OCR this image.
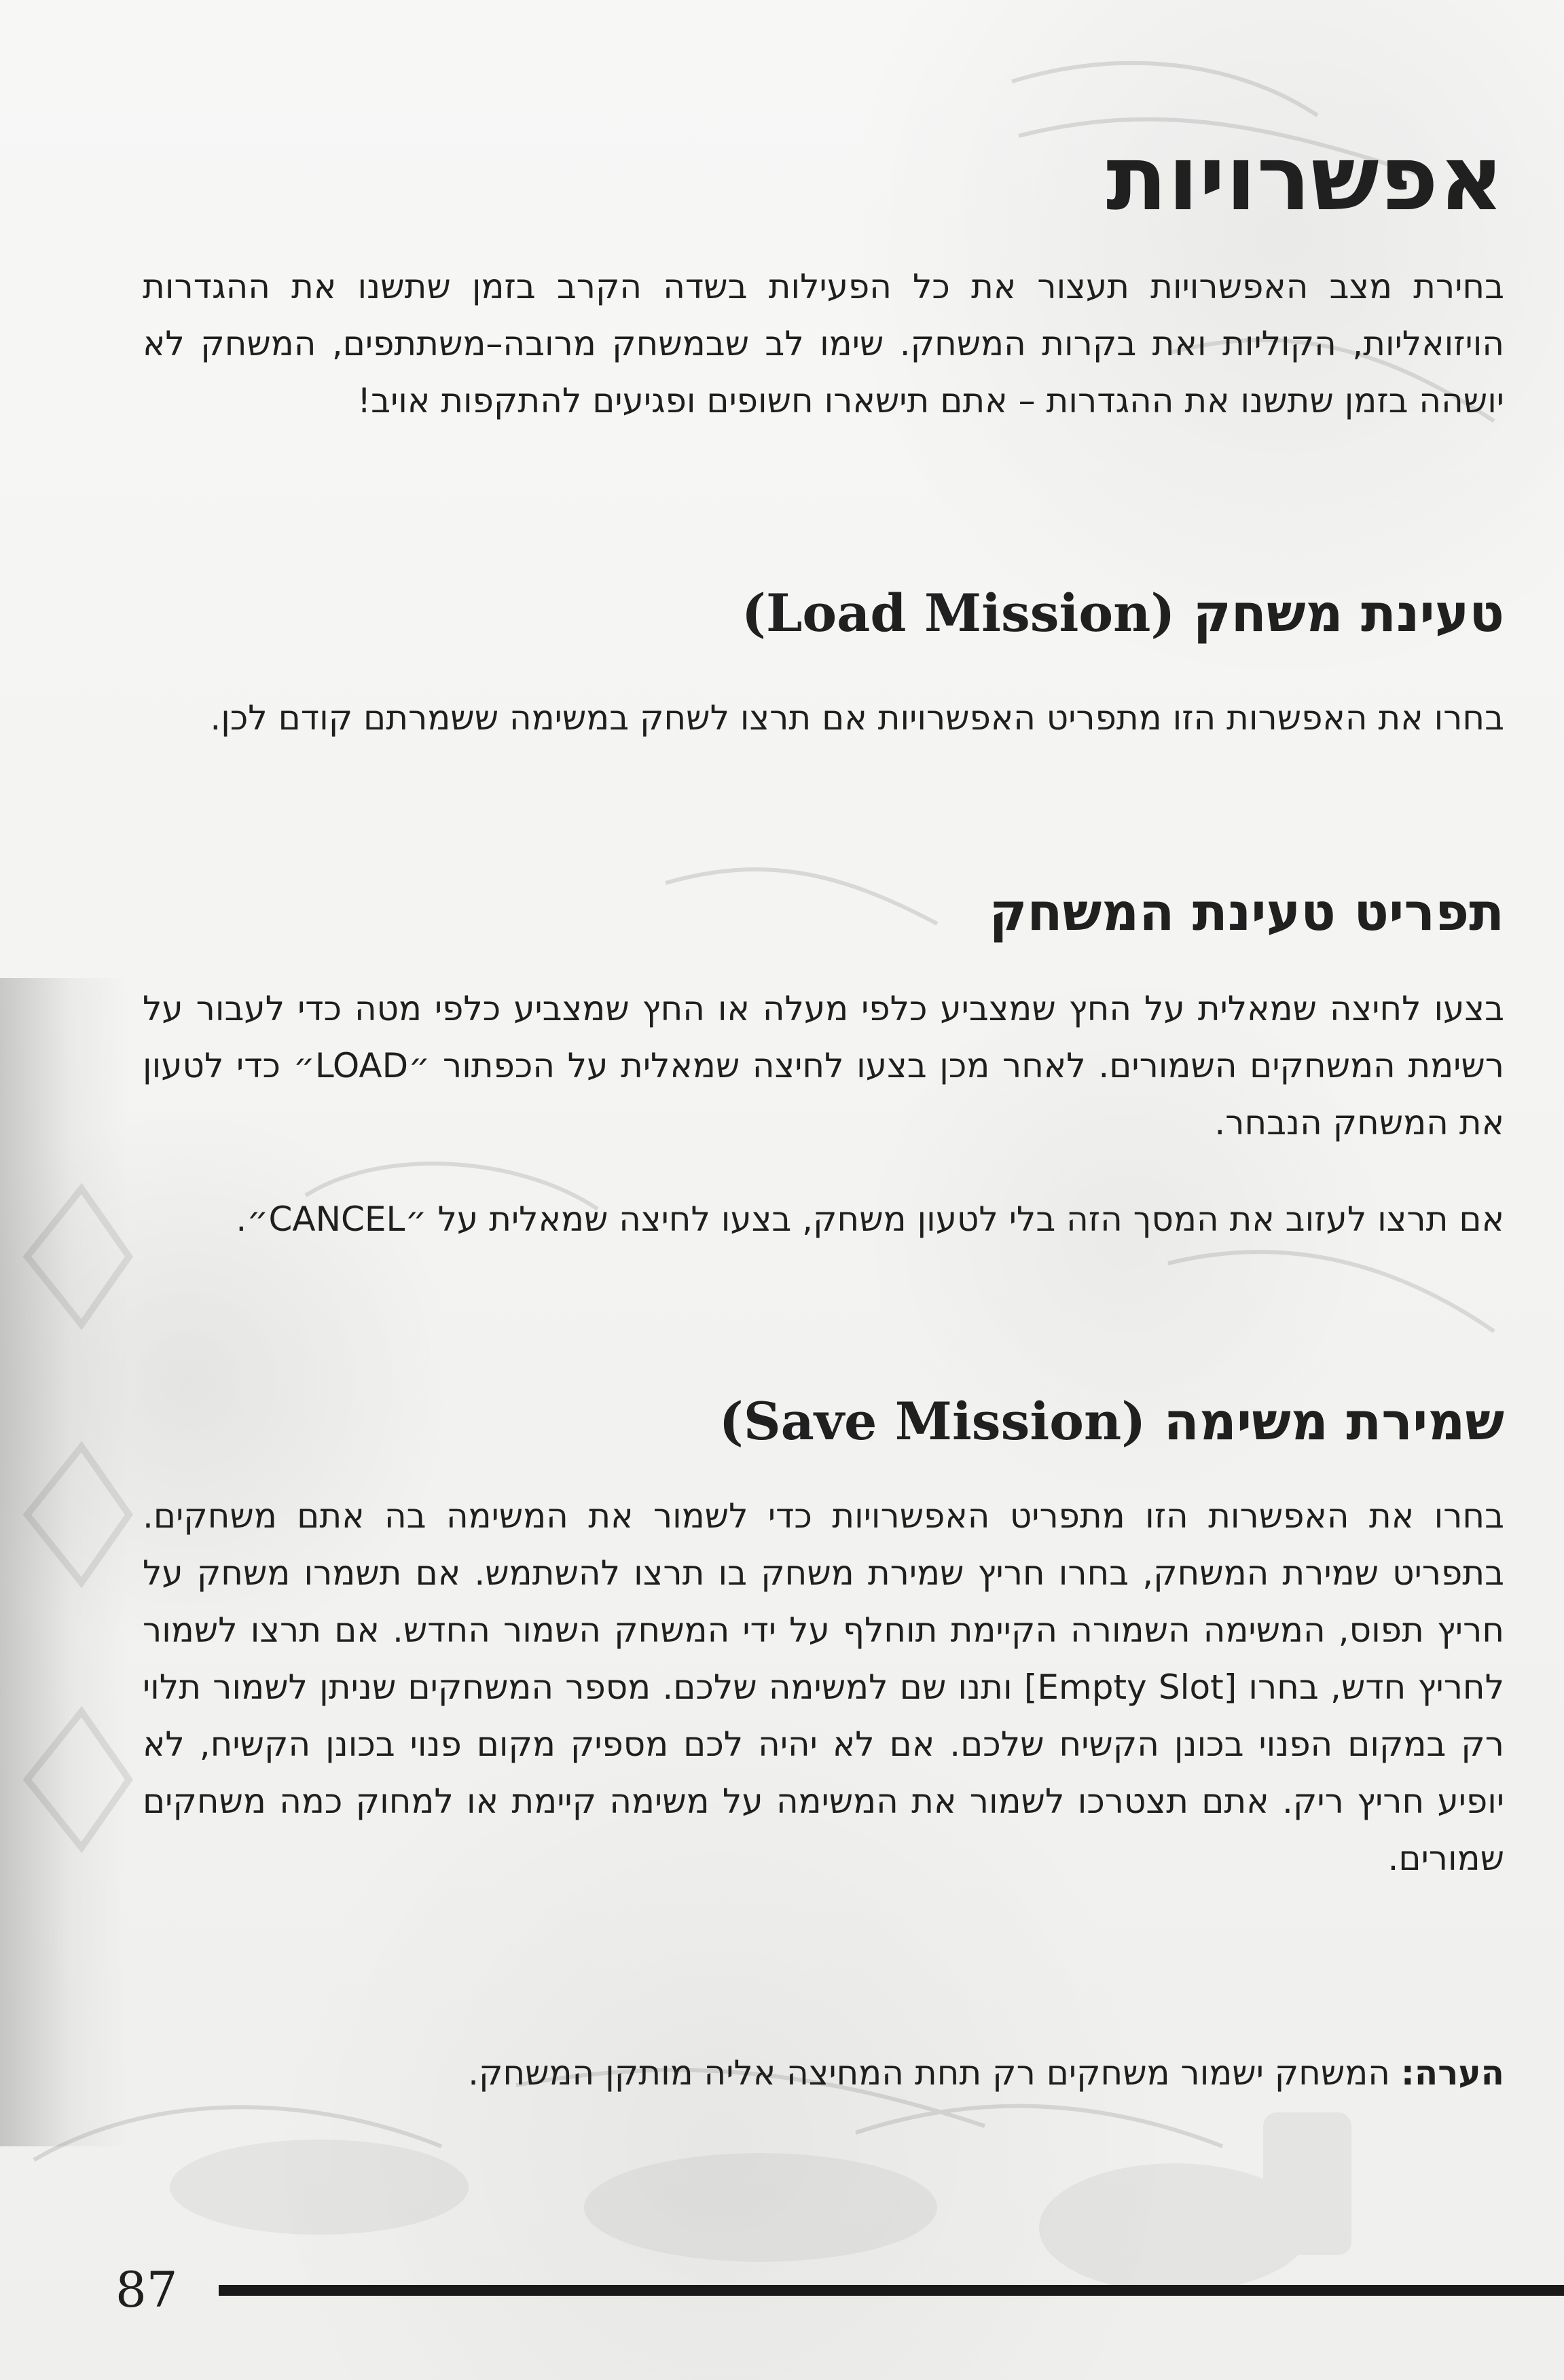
אפשרויות

בחירת מצב האפשרויות תעצור את כל הפעילות בשדה הקרב בזמן שתשנו את ההגדרות הויזואליות, הקוליות ואת בקרות המשחק. שימו לב שבמשחק מרובה–משתתפים, המשחק לא יושהה בזמן שתשנו את ההגדרות – אתם תישארו חשופים ופגיעים להתקפות אויב!

טעינת משחק (Load Mission)

בחרו את האפשרות הזו מתפריט האפשרויות אם תרצו לשחק במשימה ששמרתם קודם לכן.

תפריט טעינת המשחק

בצעו לחיצה שמאלית על החץ שמצביע כלפי מעלה או החץ שמצביע כלפי מטה כדי לעבור על רשימת המשחקים השמורים. לאחר מכן בצעו לחיצה שמאלית על הכפתור ״LOAD״ כדי לטעון את המשחק הנבחר.

אם תרצו לעזוב את המסך הזה בלי לטעון משחק, בצעו לחיצה שמאלית על ״CANCEL״.

שמירת משימה (Save Mission)

בחרו את האפשרות הזו מתפריט האפשרויות כדי לשמור את המשימה בה אתם משחקים. בתפריט שמירת המשחק, בחרו חריץ שמירת משחק בו תרצו להשתמש. אם תשמרו משחק על חריץ תפוס, המשימה השמורה הקיימת תוחלף על ידי המשחק השמור החדש. אם תרצו לשמור לחריץ חדש, בחרו [Empty Slot] ותנו שם למשימה שלכם. מספר המשחקים שניתן לשמור תלוי רק במקום הפנוי בכונן הקשיח שלכם. אם לא יהיה לכם מספיק מקום פנוי בכונן הקשיח, לא יופיע חריץ ריק. אתם תצטרכו לשמור את המשימה על משימה קיימת או למחוק כמה משחקים שמורים.

הערה: המשחק ישמור משחקים רק תחת המחיצה אליה מותקן המשחק.

87
